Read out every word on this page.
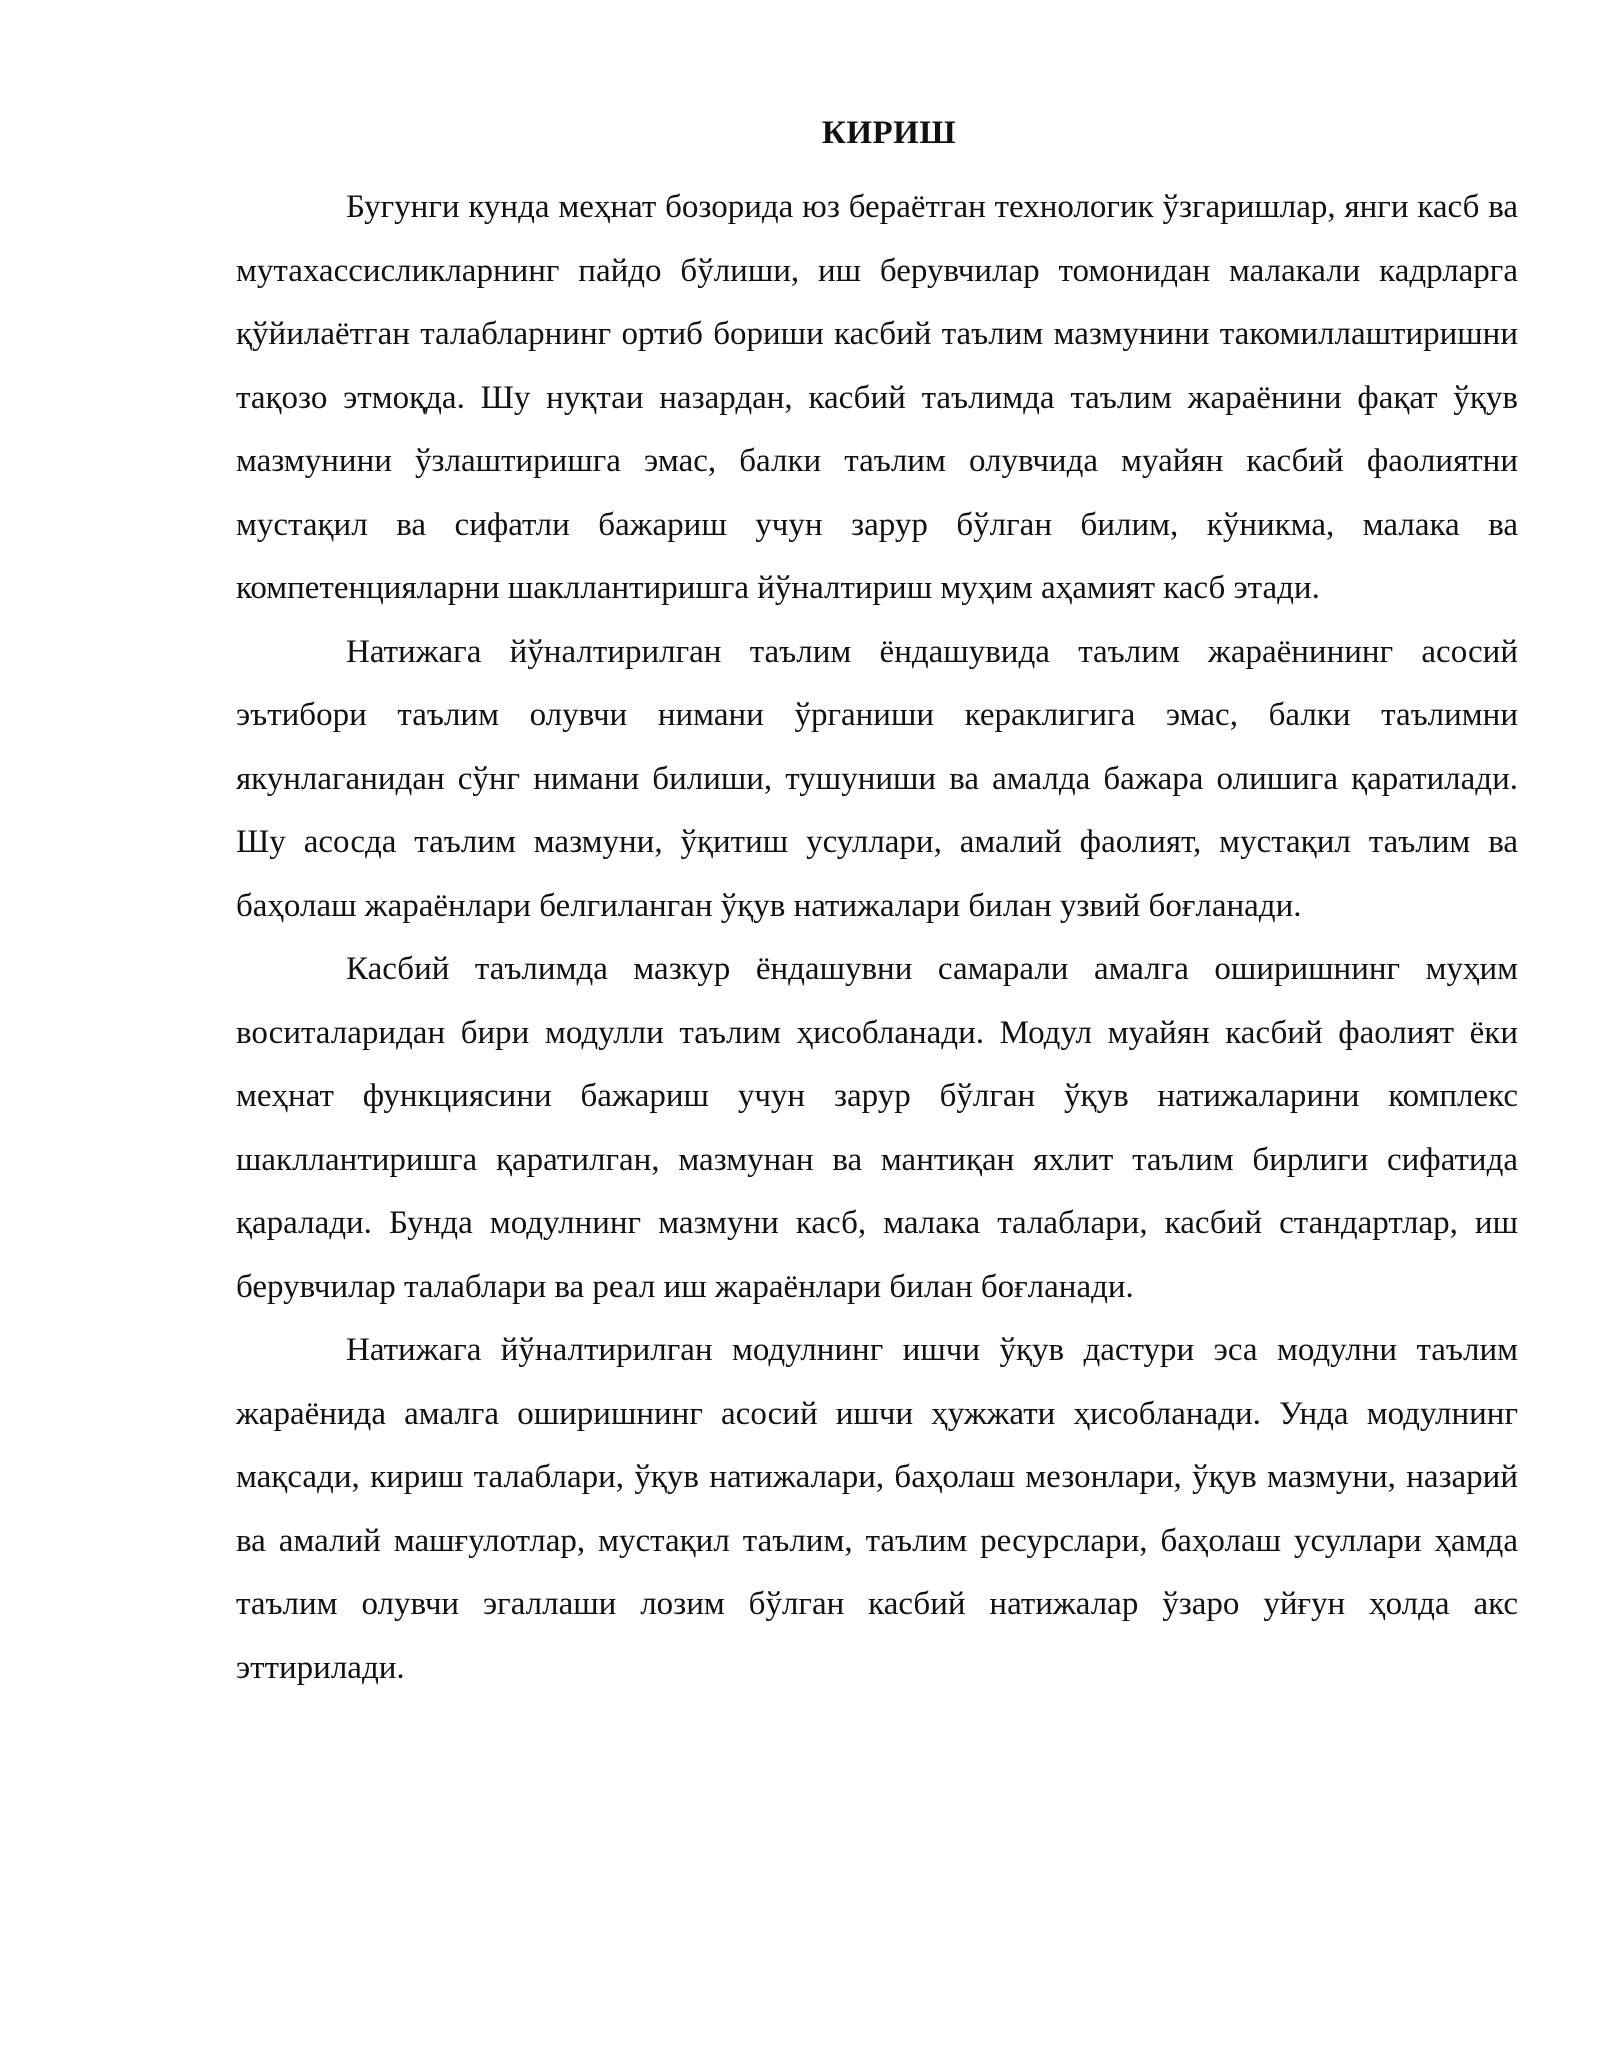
КИРИШ

Бугунги кунда меҳнат бозорида юз бераётган технологик ўзгаришлар, янги касб ва мутахассисликларнинг пайдо бўлиши, иш берувчилар томонидан малакали кадрларга қўйилаётган талабларнинг ортиб бориши касбий таълим мазмунини такомиллаштиришни тақозо этмоқда. Шу нуқтаи назардан, касбий таълимда таълим жараёнини фақат ўқув мазмунини ўзлаштиришга эмас, балки таълим олувчида муайян касбий фаолиятни мустақил ва сифатли бажариш учун зарур бўлган билим, кўникма, малака ва компетенцияларни шакллантиришга йўналтириш муҳим аҳамият касб этади.

Натижага йўналтирилган таълим ёндашувида таълим жараёнининг асосий эътибори таълим олувчи нимани ўрганиши кераклигига эмас, балки таълимни якунлаганидан сўнг нимани билиши, тушуниши ва амалда бажара олишига қаратилади. Шу асосда таълим мазмуни, ўқитиш усуллари, амалий фаолият, мустақил таълим ва баҳолаш жараёнлари белгиланган ўқув натижалари билан узвий боғланади.

Касбий таълимда мазкур ёндашувни самарали амалга оширишнинг муҳим воситаларидан бири модулли таълим ҳисобланади. Модул муайян касбий фаолият ёки меҳнат функциясини бажариш учун зарур бўлган ўқув натижаларини комплекс шакллантиришга қаратилган, мазмунан ва мантиқан яхлит таълим бирлиги сифатида қаралади. Бунда модулнинг мазмуни касб, малака талаблари, касбий стандартлар, иш берувчилар талаблари ва реал иш жараёнлари билан боғланади.

Натижага йўналтирилган модулнинг ишчи ўқув дастури эса модулни таълим жараёнида амалга оширишнинг асосий ишчи ҳужжати ҳисобланади. Унда модулнинг мақсади, кириш талаблари, ўқув натижалари, баҳолаш мезонлари, ўқув мазмуни, назарий ва амалий машғулотлар, мустақил таълим, таълим ресурслари, баҳолаш усуллари ҳамда таълим олувчи эгаллаши лозим бўлган касбий натижалар ўзаро уйғун ҳолда акс эттирилади.
